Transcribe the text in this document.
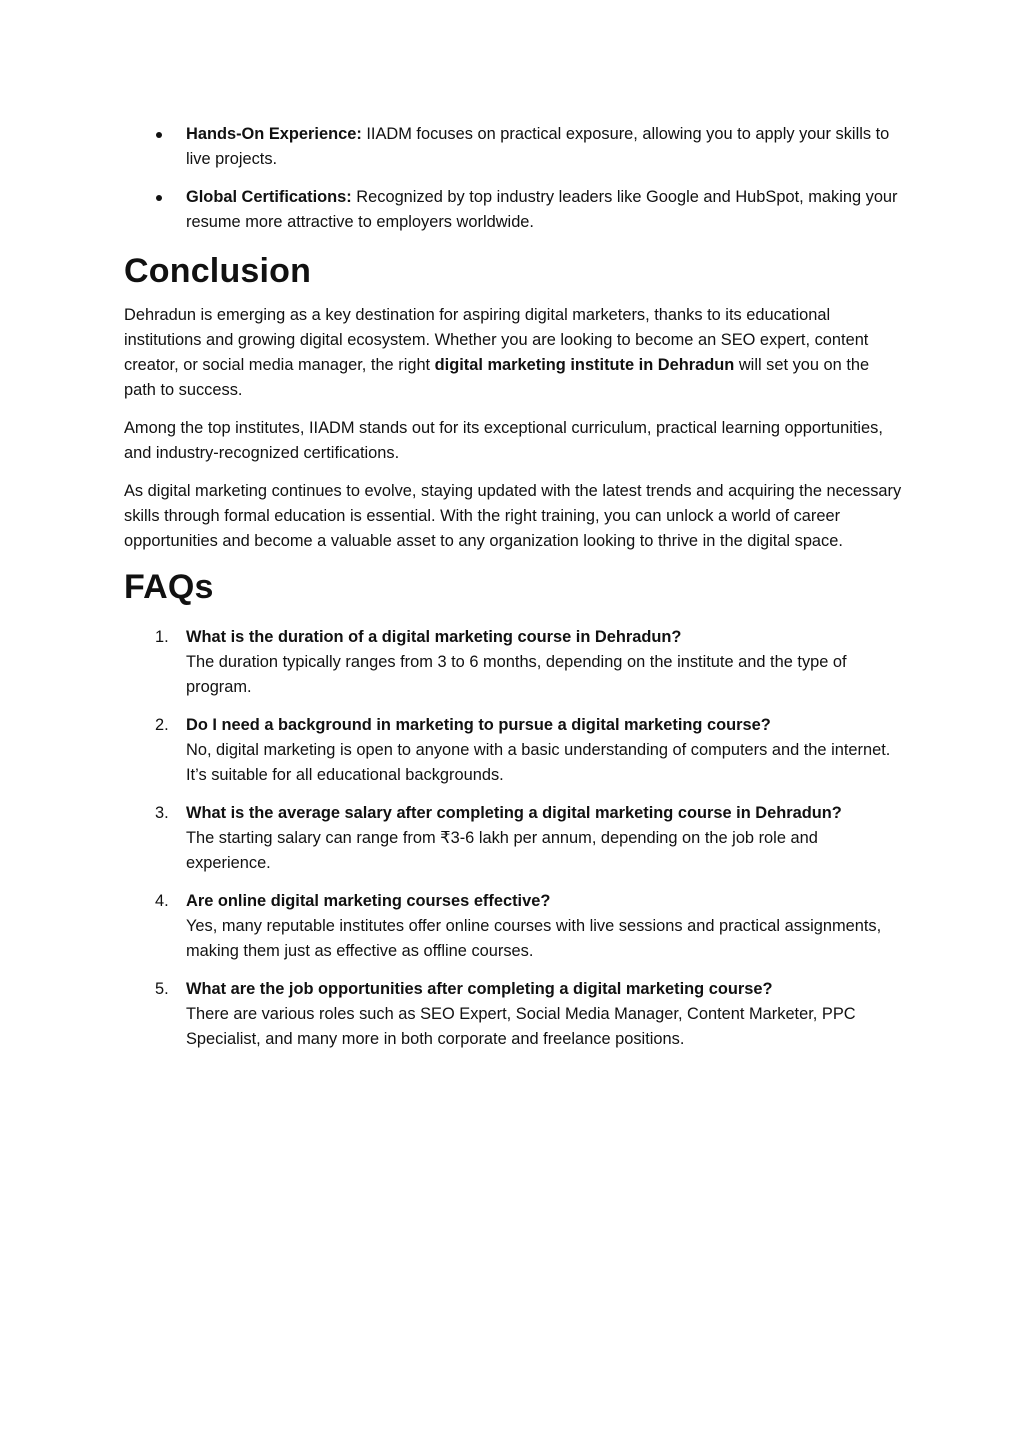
Hands-On Experience: IIADM focuses on practical exposure, allowing you to apply your skills to live projects.
Global Certifications: Recognized by top industry leaders like Google and HubSpot, making your resume more attractive to employers worldwide.
Conclusion

Dehradun is emerging as a key destination for aspiring digital marketers, thanks to its educational institutions and growing digital ecosystem. Whether you are looking to become an SEO expert, content creator, or social media manager, the right digital marketing institute in Dehradun will set you on the path to success.

Among the top institutes, IIADM stands out for its exceptional curriculum, practical learning opportunities, and industry-recognized certifications.

As digital marketing continues to evolve, staying updated with the latest trends and acquiring the necessary skills through formal education is essential. With the right training, you can unlock a world of career opportunities and become a valuable asset to any organization looking to thrive in the digital space.

FAQs
1. What is the duration of a digital marketing course in Dehradun?
The duration typically ranges from 3 to 6 months, depending on the institute and the type of program.
2. Do I need a background in marketing to pursue a digital marketing course?
No, digital marketing is open to anyone with a basic understanding of computers and the internet. It’s suitable for all educational backgrounds.
3. What is the average salary after completing a digital marketing course in Dehradun?
The starting salary can range from ₹3-6 lakh per annum, depending on the job role and experience.
4. Are online digital marketing courses effective?
Yes, many reputable institutes offer online courses with live sessions and practical assignments, making them just as effective as offline courses.
5. What are the job opportunities after completing a digital marketing course?
There are various roles such as SEO Expert, Social Media Manager, Content Marketer, PPC Specialist, and many more in both corporate and freelance positions.
